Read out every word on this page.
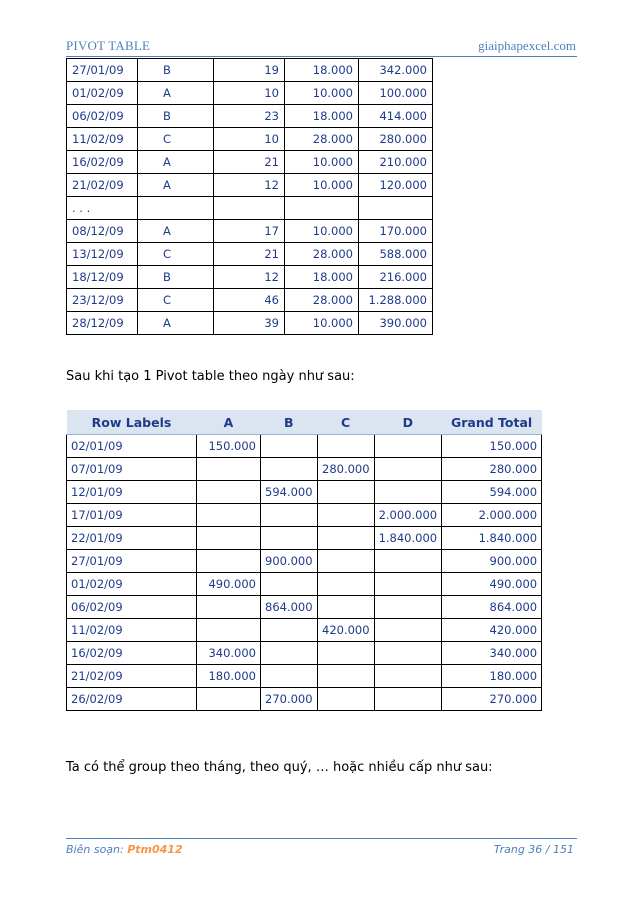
PIVOT TABLE	giaiphapexcel.com
27/01/09	B	19	18.000	342.000
01/02/09	A	10	10.000	100.000
06/02/09	B	23	18.000	414.000
11/02/09	C	10	28.000	280.000
16/02/09	A	21	10.000	210.000
21/02/09	A	12	10.000	120.000
. . .				
08/12/09	A	17	10.000	170.000
13/12/09	C	21	28.000	588.000
18/12/09	B	12	18.000	216.000
23/12/09	C	46	28.000	1.288.000
28/12/09	A	39	10.000	390.000
Sau khi tạo 1 Pivot table theo ngày như sau:
Row Labels	A	B	C	D	Grand Total
02/01/09	150.000				150.000
07/01/09			280.000		280.000
12/01/09		594.000			594.000
17/01/09				2.000.000	2.000.000
22/01/09				1.840.000	1.840.000
27/01/09		900.000			900.000
01/02/09	490.000				490.000
06/02/09		864.000			864.000
11/02/09			420.000		420.000
16/02/09	340.000				340.000
21/02/09	180.000				180.000
26/02/09		270.000			270.000
Ta có thể group theo tháng, theo quý, … hoặc nhiều cấp như sau:
Biên soạn: Ptm0412	Trang 36 / 151
